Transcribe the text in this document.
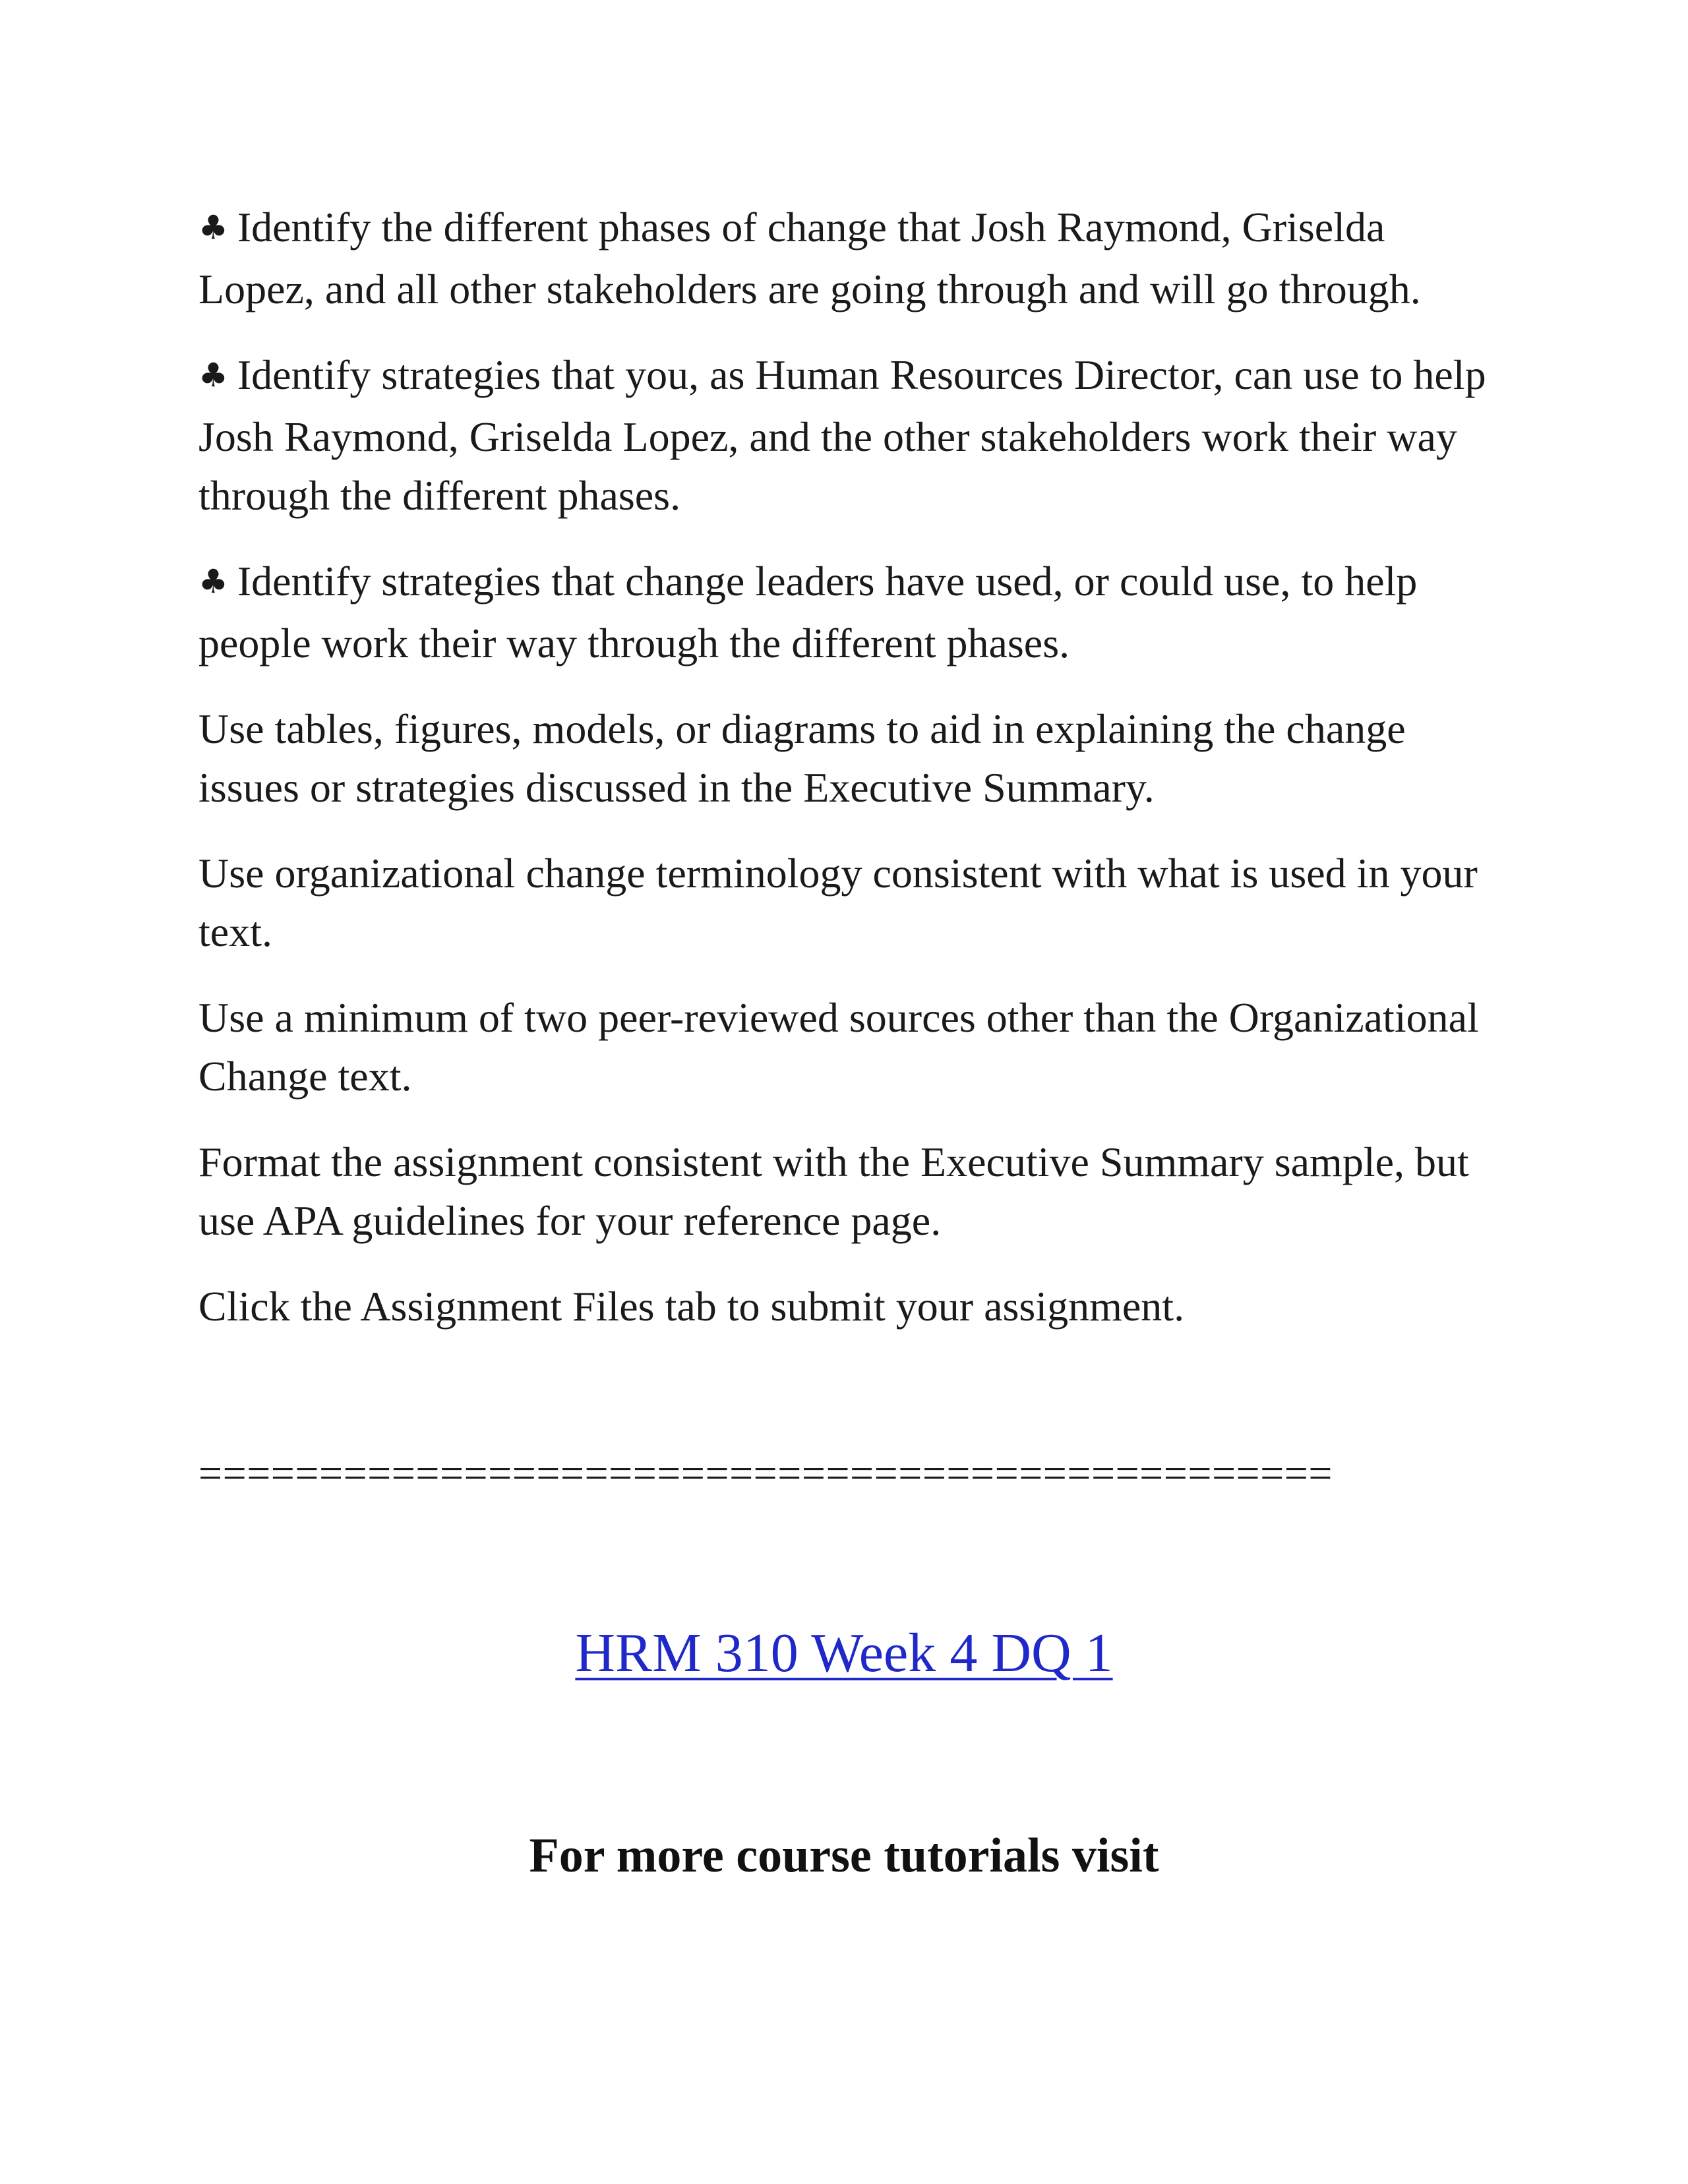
♣ Identify the different phases of change that Josh Raymond, Griselda Lopez, and all other stakeholders are going through and will go through.

♣ Identify strategies that you, as Human Resources Director, can use to help Josh Raymond, Griselda Lopez, and the other stakeholders work their way through the different phases.

♣ Identify strategies that change leaders have used, or could use, to help people work their way through the different phases.

Use tables, figures, models, or diagrams to aid in explaining the change issues or strategies discussed in the Executive Summary.

Use organizational change terminology consistent with what is used in your text.

Use a minimum of two peer-reviewed sources other than the Organizational Change text.

Format the assignment consistent with the Executive Summary sample, but use APA guidelines for your reference page.

Click the Assignment Files tab to submit your assignment.

===============================================
HRM 310 Week 4 DQ 1
For more course tutorials visit
